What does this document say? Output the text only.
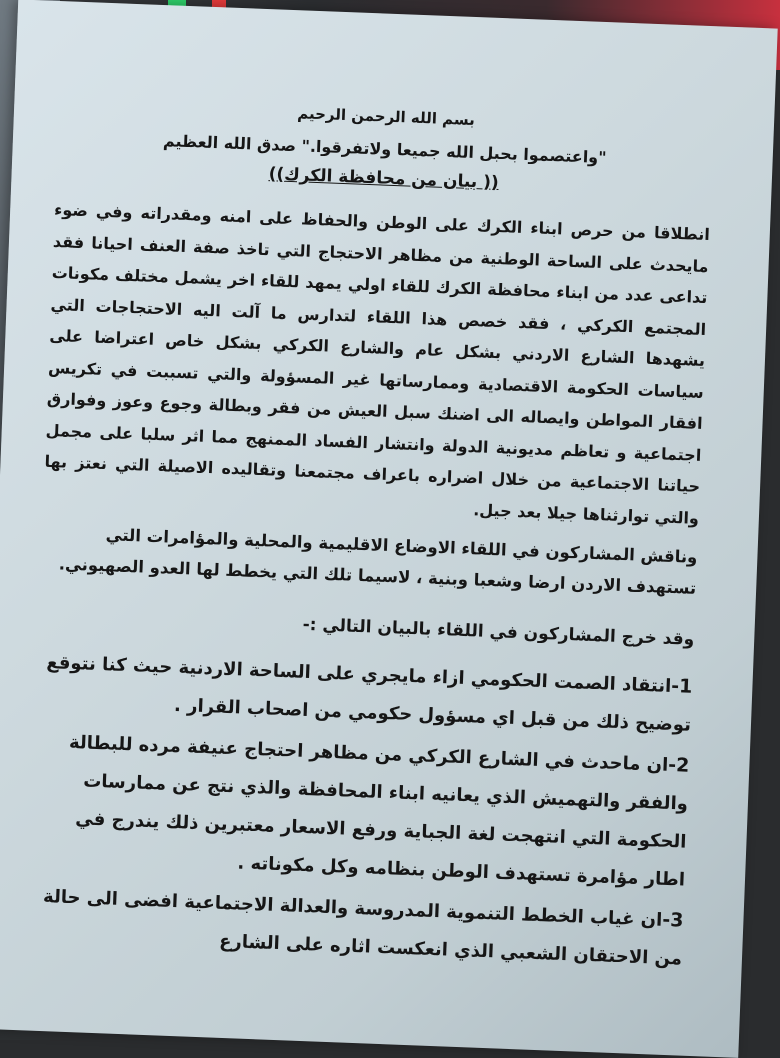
بسم الله الرحمن الرحيم

"واعتصموا بحبل الله جميعا ولاتفرقوا." صدق الله العظيم

(( بيان من محافظة الكرك))

انطلاقا من حرص ابناء الكرك على الوطن والحفاظ على امنه ومقدراته وفي ضوء مايحدث على الساحة الوطنية من مظاهر الاحتجاج التي تاخذ صفة العنف احيانا فقد تداعى عدد من ابناء محافظة الكرك للقاء اولي يمهد للقاء اخر يشمل مختلف مكونات المجتمع الكركي ، فقد خصص هذا اللقاء لتدارس ما آلت اليه الاحتجاجات التي يشهدها الشارع الاردني بشكل عام والشارع الكركي بشكل خاص اعتراضا على سياسات الحكومة الاقتصادية وممارساتها غير المسؤولة والتي تسببت في تكريس افقار المواطن وايصاله الى اضنك سبل العيش من فقر وبطالة وجوع وعوز وفوارق اجتماعية و تعاظم مديونية الدولة وانتشار الفساد الممنهج مما اثر سلبا على مجمل حياتنا الاجتماعية من خلال اضراره باعراف مجتمعنا وتقاليده الاصيلة التي نعتز بها والتي توارثناها جيلا بعد جيل.

وناقش المشاركون في اللقاء الاوضاع الاقليمية والمحلية والمؤامرات التي تستهدف الاردن ارضا وشعبا وبنية ، لاسيما تلك التي يخطط لها العدو الصهيوني.

وقد خرج المشاركون في اللقاء بالبيان التالي :-

1-انتقاد الصمت الحكومي ازاء مايجري على الساحة الاردنية حيث كنا نتوقع توضيح ذلك من قبل اي مسؤول حكومي من اصحاب القرار .

2-ان ماحدث في الشارع الكركي من مظاهر احتجاج عنيفة مرده للبطالة والفقر والتهميش الذي يعانيه ابناء المحافظة والذي نتج عن ممارسات الحكومة التي انتهجت لغة الجباية ورفع الاسعار معتبرين ذلك يندرج في اطار مؤامرة تستهدف الوطن بنظامه وكل مكوناته .

3-ان غياب الخطط التنموية المدروسة والعدالة الاجتماعية افضى الى حالة من الاحتقان الشعبي الذي انعكست اثاره على الشارع
